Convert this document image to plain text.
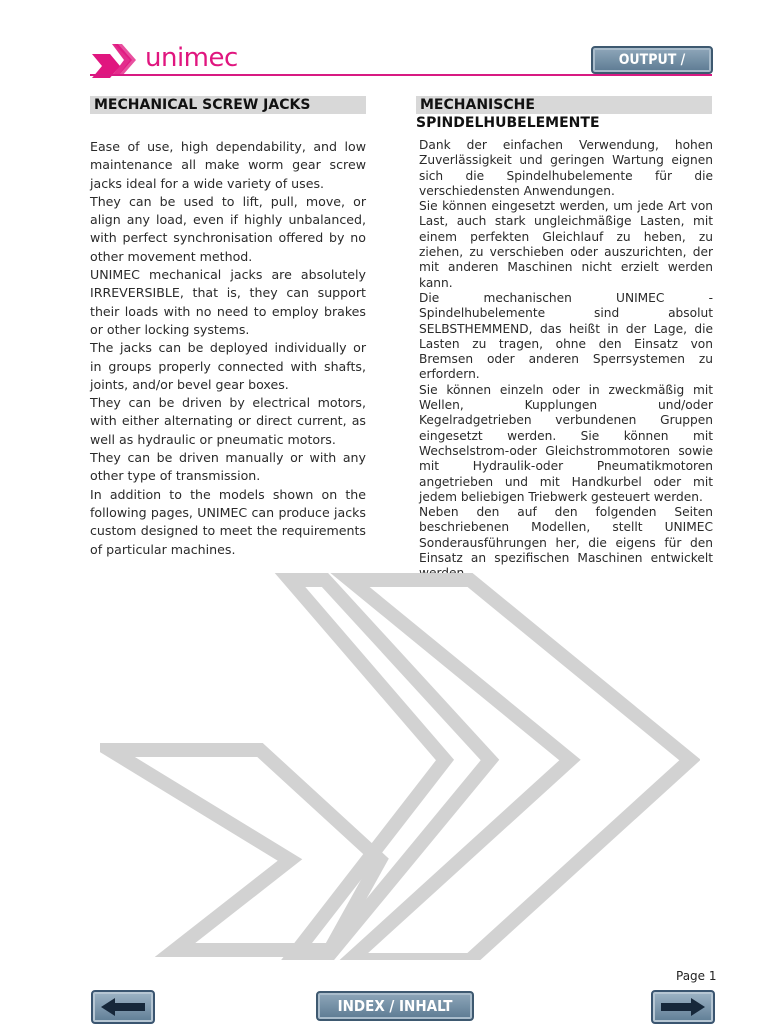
unimec	OUTPUT / AUSGABE
MECHANICAL SCREW JACKS	MECHANISCHE SPINDELHUBELEMENTE

Ease of use, high dependability, and low maintenance all make worm gear screw jacks ideal for a wide variety of uses.

They can be used to lift, pull, move, or align any load, even if highly unbalanced, with perfect synchronisation offered by no other movement method.

UNIMEC mechanical jacks are absolutely IRREVERSIBLE, that is, they can support their loads with no need to employ brakes or other locking systems.

The jacks can be deployed individually or in groups properly connected with shafts, joints, and/or bevel gear boxes.

They can be driven by electrical motors, with either alternating or direct current, as well as hydraulic or pneumatic motors.

They can be driven manually or with any other type of transmission.

In addition to the models shown on the following pages, UNIMEC can produce jacks custom designed to meet the requirements of particular machines.

Dank der einfachen Verwendung, hohen Zuverlässigkeit und geringen Wartung eignen sich die Spindelhubelemente für die verschiedensten Anwendungen.

Sie können eingesetzt werden, um jede Art von Last, auch stark ungleichmäßige Lasten, mit einem perfekten Gleichlauf zu heben, zu ziehen, zu verschieben oder auszurichten, der mit anderen Maschinen nicht erzielt werden kann.

Die mechanischen UNIMEC - Spindelhubelemente sind absolut SELBSTHEMMEND, das heißt in der Lage, die Lasten zu tragen, ohne den Einsatz von Bremsen oder anderen Sperrsystemen zu erfordern.

Sie können einzeln oder in zweckmäßig mit Wellen, Kupplungen und/oder Kegelradgetrieben verbundenen Gruppen eingesetzt werden. Sie können mit Wechselstrom-oder Gleichstrommotoren sowie mit Hydraulik-oder Pneumatikmotoren angetrieben und mit Handkurbel oder mit jedem beliebigen Triebwerk gesteuert werden.

Neben den auf den folgenden Seiten beschriebenen Modellen, stellt UNIMEC Sonderausführungen her, die eigens für den Einsatz an spezifischen Maschinen entwickelt werden.

Page 1
INDEX / INHALT
